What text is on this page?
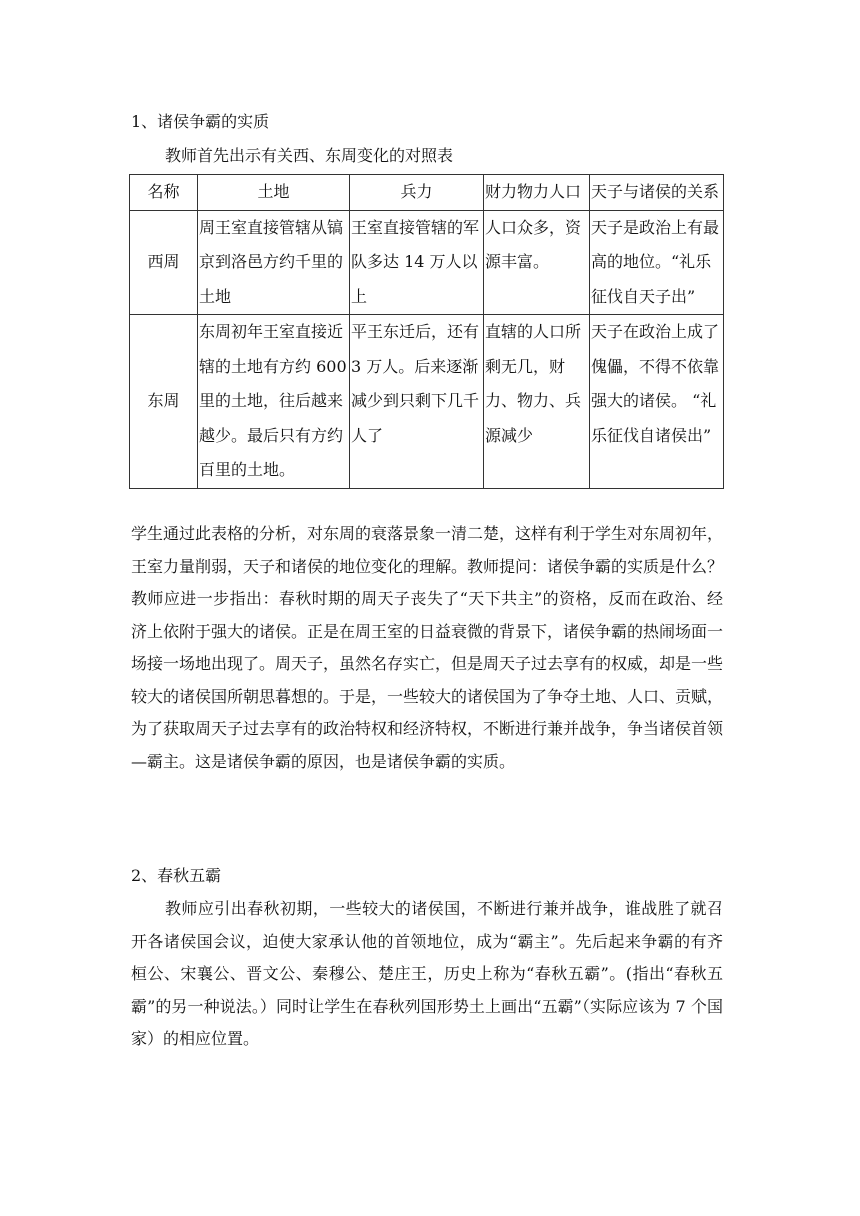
1、诸侯争霸的实质
教师首先出示有关西、东周变化的对照表
名称	土地	兵力	财力物力人口	天子与诸侯的关系
西周	周王室直接管辖从镐京到洛邑方约千里的土地	王室直接管辖的军队多达 14 万人以上	人口众多，资源丰富。	天子是政治上有最高的地位。“礼乐征伐自天子出”
东周	东周初年王室直接近辖的土地有方约 600 里的土地，往后越来越少。最后只有方约百里的土地。	平王东迁后，还有 3 万人。后来逐渐减少到只剩下几千人了	直辖的人口所剩无几，财力、物力、兵源减少	天子在政治上成了傀儡，不得不依靠强大的诸侯。 “礼乐征伐自诸侯出”
学生通过此表格的分析，对东周的衰落景象一清二楚，这样有利于学生对东周初年，王室力量削弱，天子和诸侯的地位变化的理解。教师提问：诸侯争霸的实质是什么？教师应进一步指出：春秋时期的周天子丧失了“天下共主”的资格，反而在政治、经济上依附于强大的诸侯。正是在周王室的日益衰微的背景下，诸侯争霸的热闹场面一场接一场地出现了。周天子，虽然名存实亡，但是周天子过去享有的权威，却是一些较大的诸侯国所朝思暮想的。于是，一些较大的诸侯国为了争夺土地、人口、贡赋，为了获取周天子过去享有的政治特权和经济特权，不断进行兼并战争，争当诸侯首领—霸主。这是诸侯争霸的原因，也是诸侯争霸的实质。
2、春秋五霸
教师应引出春秋初期，一些较大的诸侯国，不断进行兼并战争，谁战胜了就召开各诸侯国会议，迫使大家承认他的首领地位，成为“霸主”。先后起来争霸的有齐桓公、宋襄公、晋文公、秦穆公、楚庄王，历史上称为“春秋五霸”。(指出“春秋五霸”的另一种说法。）同时让学生在春秋列国形势土上画出“五霸”（实际应该为 7 个国家）的相应位置。
